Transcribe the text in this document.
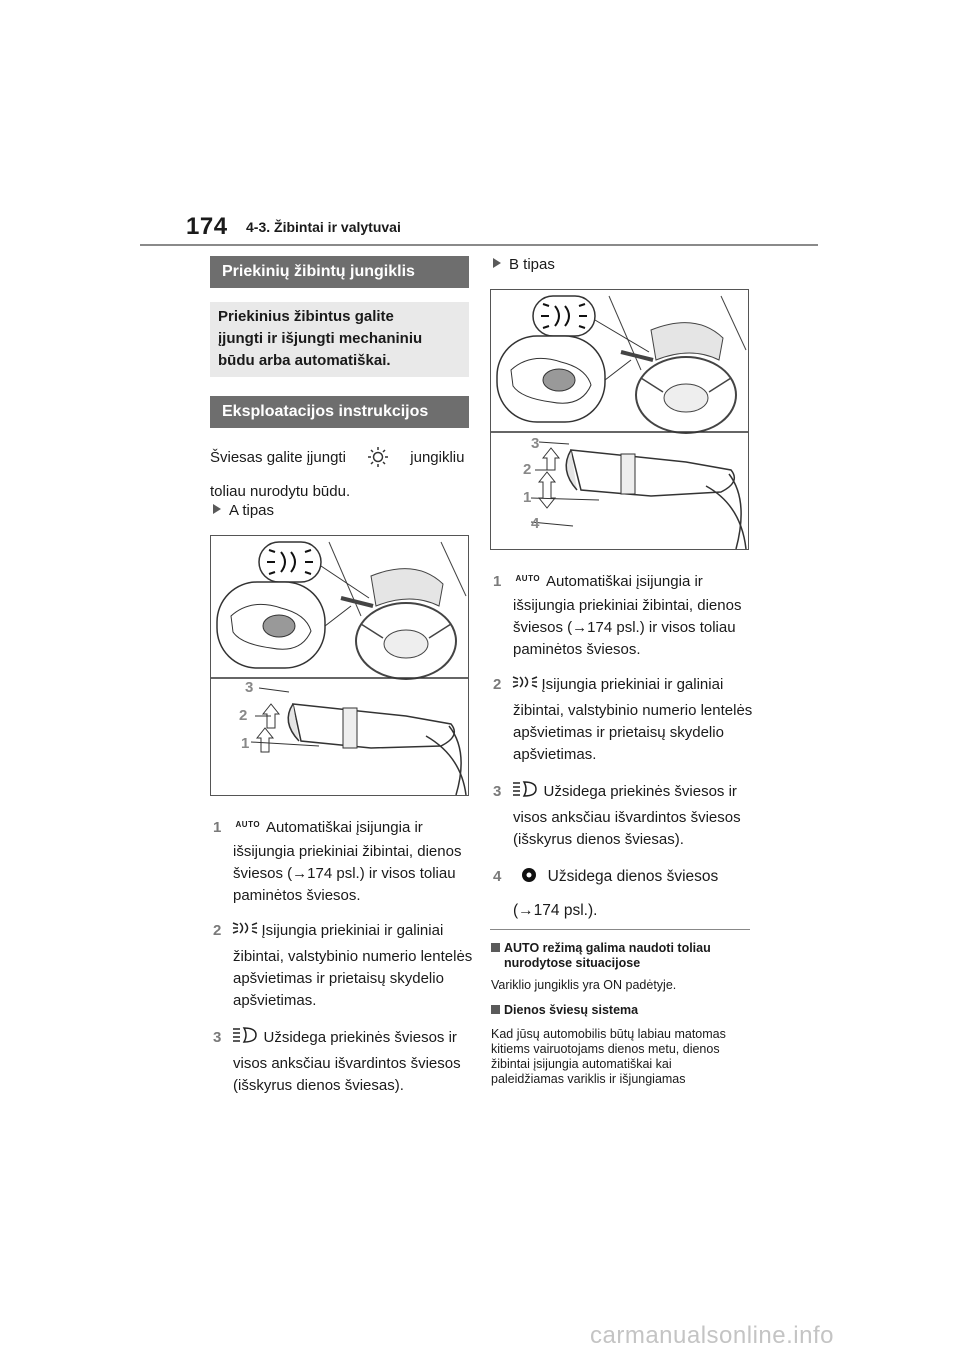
174 4-3. Žibintai ir valytuvai
Priekinių žibintų jungiklis
Priekinius žibintus galite
įjungti ir išjungti mechaniniu
būdu arba automatiškai.
Eksploatacijos instrukcijos
Šviesas galite įjungti	jungikliu
toliau nurodytu būdu.
A tipas
3
2
1
1 $^{AUTO}$ Automatiškai įsijungia ir
išsijungia priekiniai žibintai, dienos
šviesos (→174 psl.) ir visos toliau
paminėtos šviesos.
2	Įsijungia priekiniai ir galiniai
žibintai, valstybinio numerio lentelės
apšvietimas ir prietaisų skydelio
apšvietimas.
3	Užsidega priekinės šviesos ir
visos anksčiau išvardintos šviesos
(išskyrus dienos šviesas).
B tipas
3
2
1
4
1 $^{AUTO}$ Automatiškai įsijungia ir
išsijungia priekiniai žibintai, dienos
šviesos (→174 psl.) ir visos toliau
paminėtos šviesos.
2	Įsijungia priekiniai ir galiniai
žibintai, valstybinio numerio lentelės
apšvietimas ir prietaisų skydelio
apšvietimas.
3	Užsidega priekinės šviesos ir
visos anksčiau išvardintos šviesos
(išskyrus dienos šviesas).
4	Užsidega dienos šviesos
(→174 psl.).
AUTO režimą galima naudoti toliau
nurodytose situacijose
Variklio jungiklis yra ON padėtyje.
Dienos šviesų sistema
Kad jūsų automobilis būtų labiau matomas
kitiems vairuotojams dienos metu, dienos
žibintai įsijungia automatiškai kai
paleidžiamas variklis ir išjungiamas
carmanualsonline.info
